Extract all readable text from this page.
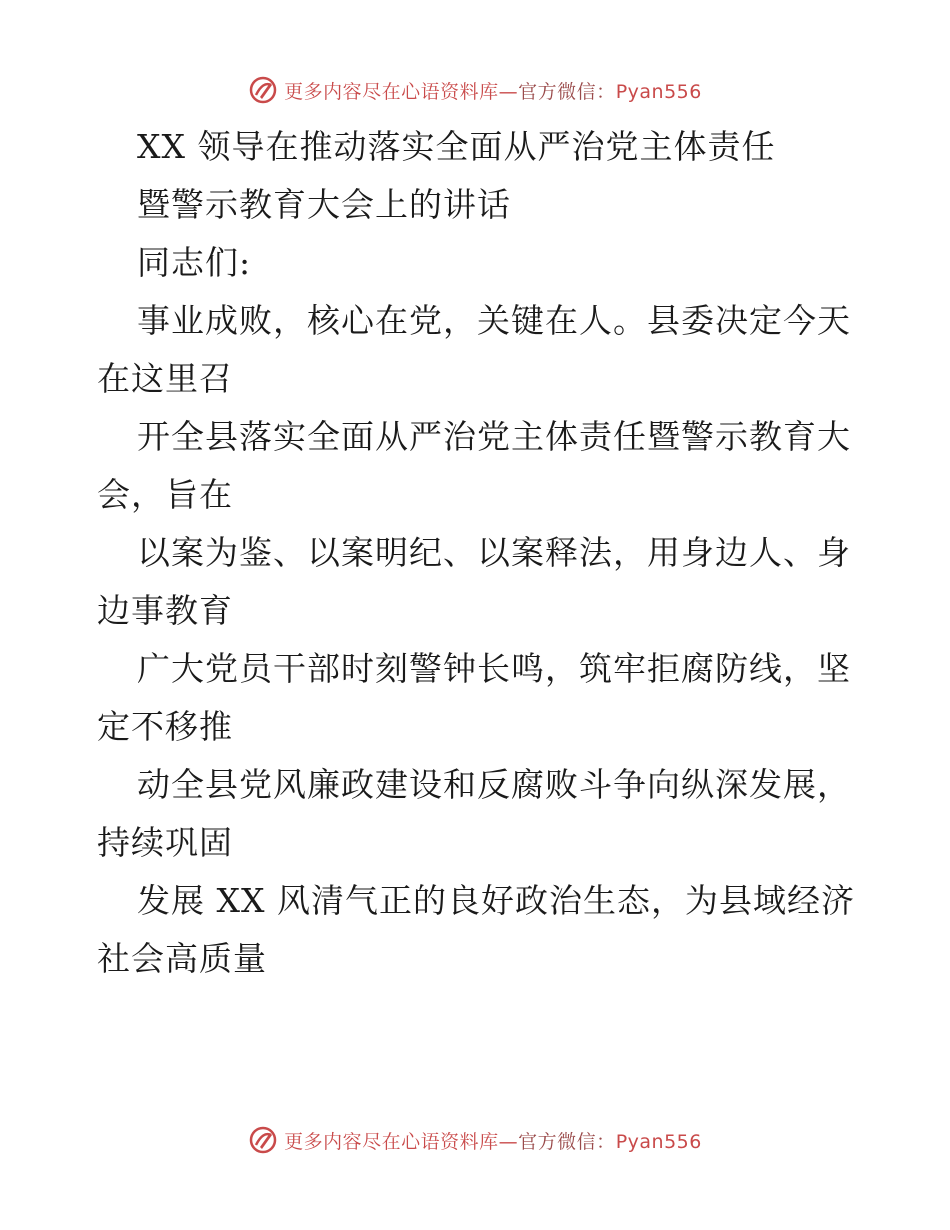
更多内容尽在心语资料库—官方微信：Pyan556
XX 领导在推动落实全面从严治党主体责任
暨警示教育大会上的讲话
同志们:
事业成败，核心在党，关键在人。县委决定今天
在这里召
开全县落实全面从严治党主体责任暨警示教育大
会，旨在
以案为鉴、以案明纪、以案释法，用身边人、身
边事教育
广大党员干部时刻警钟长鸣，筑牢拒腐防线，坚
定不移推
动全县党风廉政建设和反腐败斗争向纵深发展，
持续巩固
发展 XX 风清气正的良好政治生态，为县域经济
社会高质量
更多内容尽在心语资料库—官方微信：Pyan556
